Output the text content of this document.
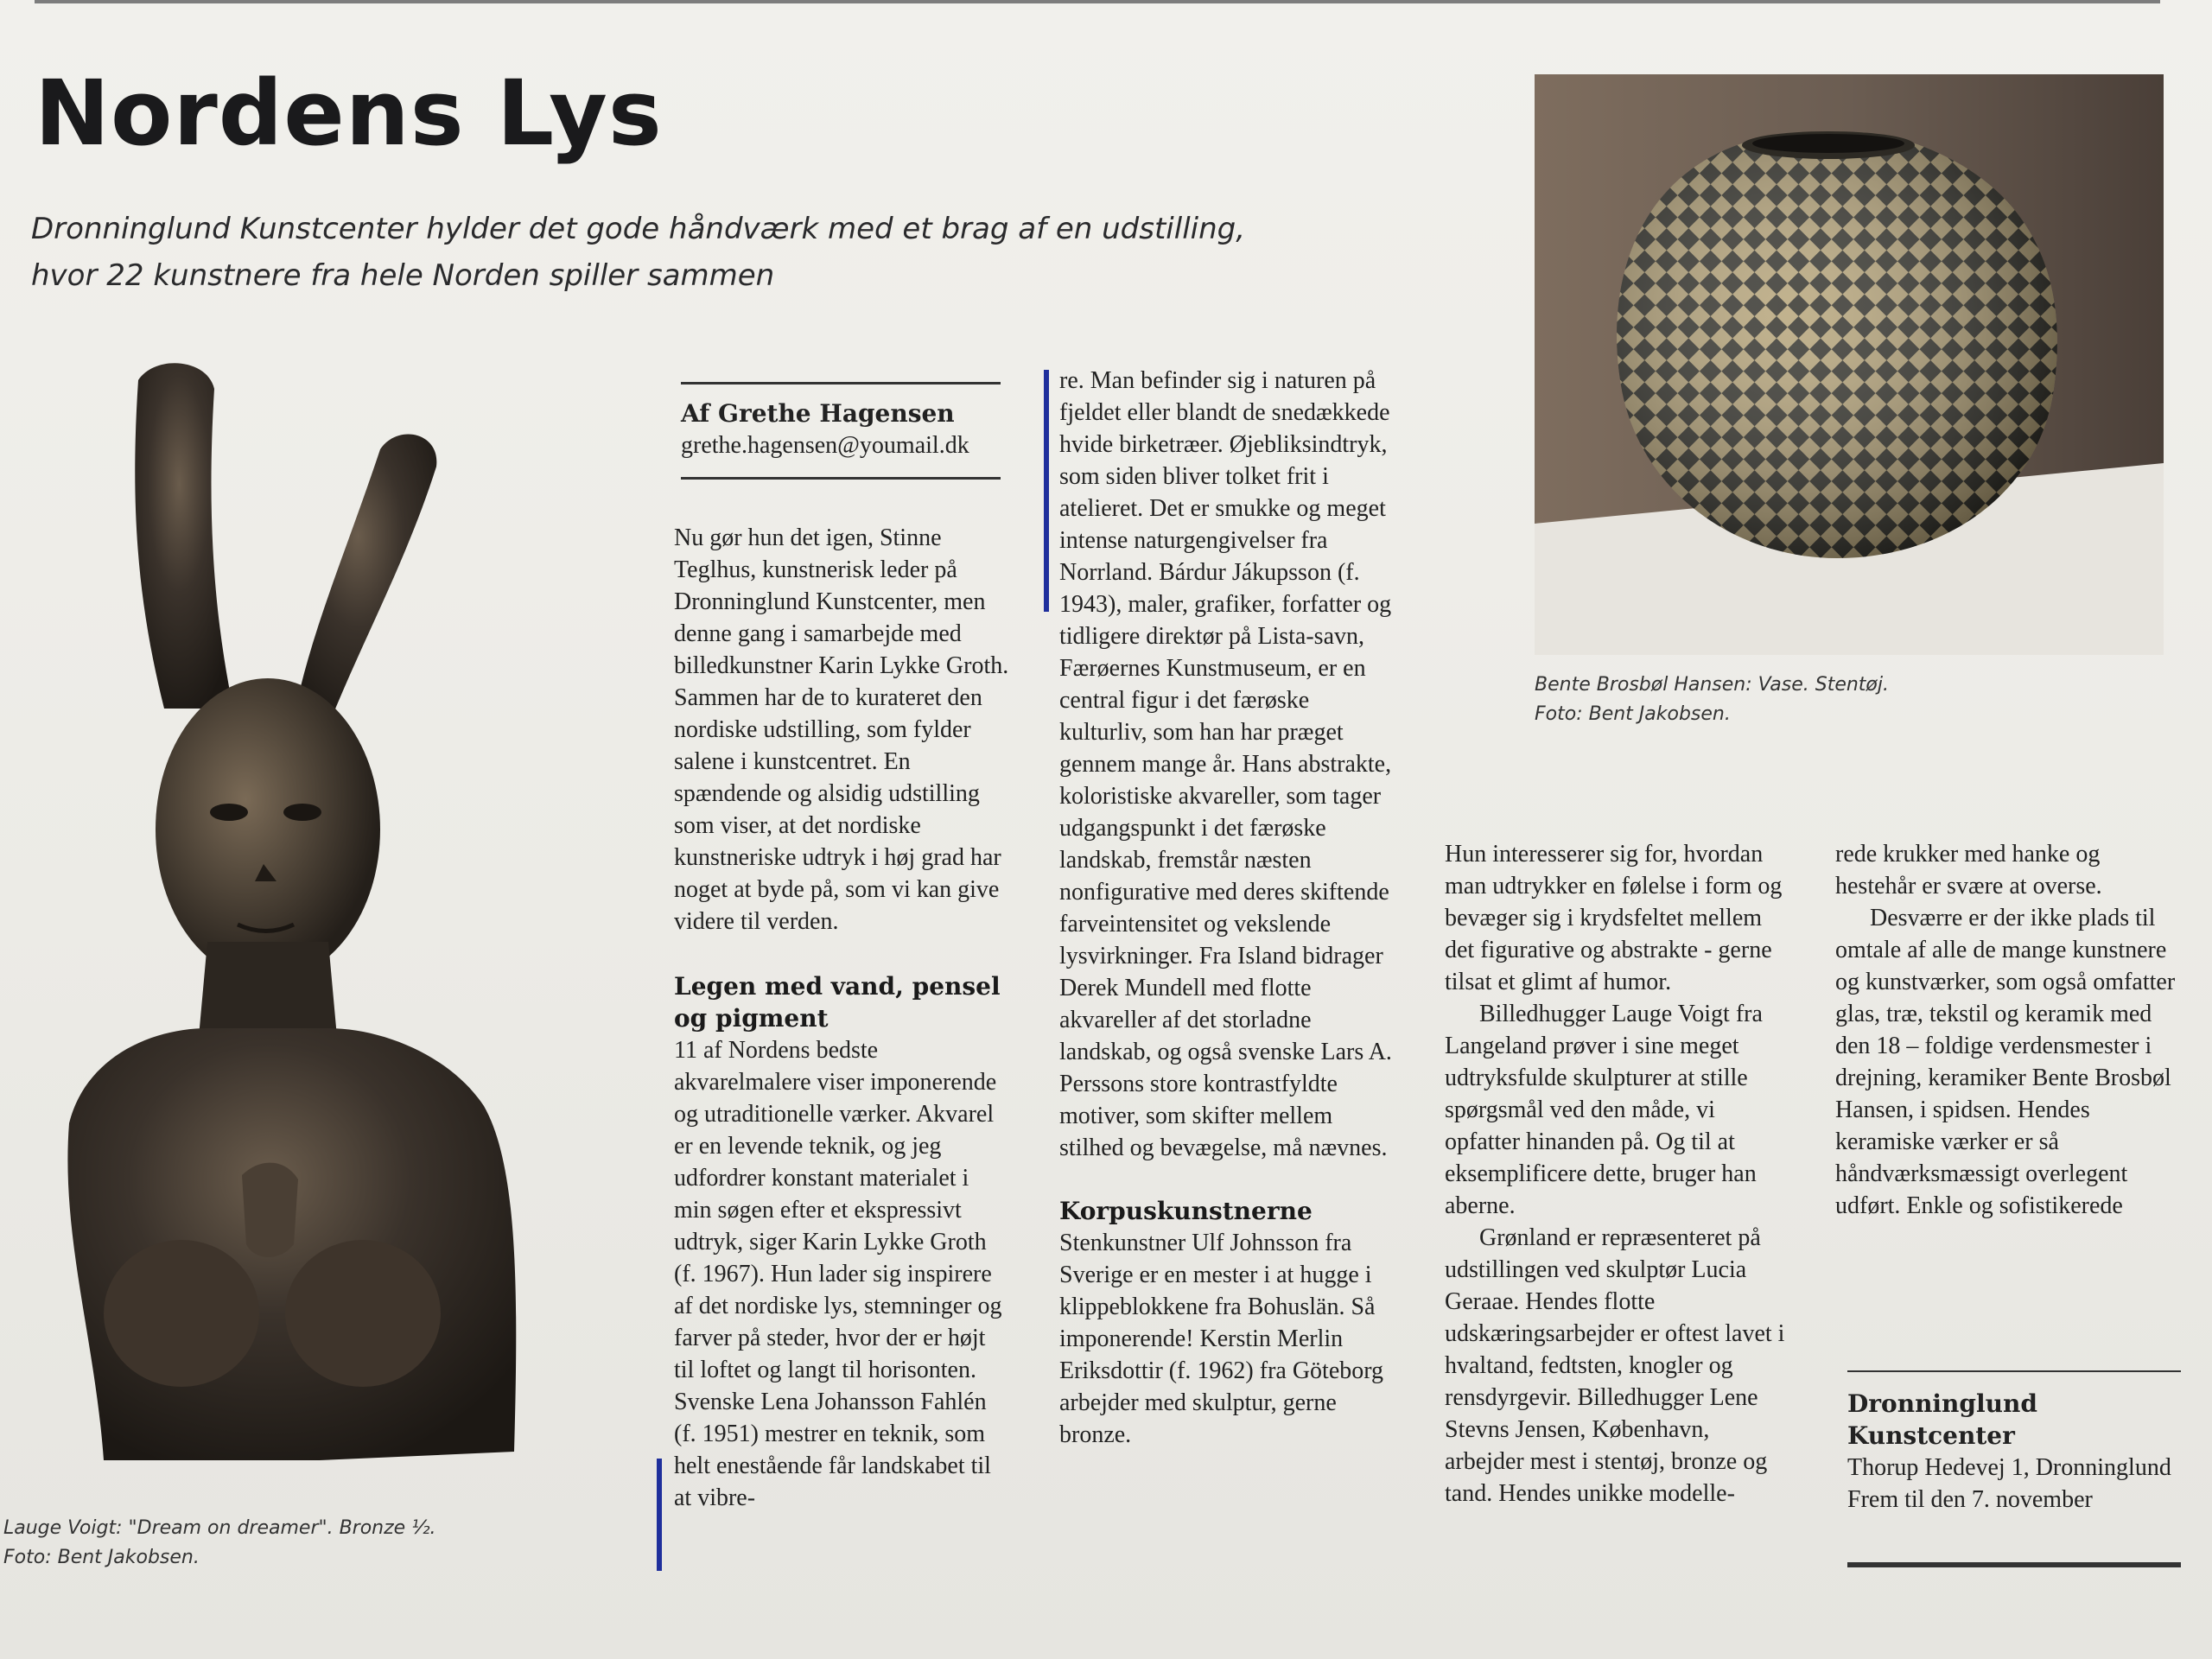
Nordens Lys

Dronninglund Kunstcenter hylder det gode håndværk med et brag af en udstilling, hvor 22 kunstnere fra hele Norden spiller sammen

Lauge Voigt: "Dream on dreamer". Bronze ½.
Foto: Bent Jakobsen.
Bente Brosbøl Hansen: Vase. Stentøj.
Foto: Bent Jakobsen.

Af Grethe Hagensen

grethe.hagensen@youmail.dk

Nu gør hun det igen, Stinne Teglhus, kunstnerisk leder på Dronninglund Kunstcenter, men denne gang i samarbejde med billedkunstner Karin Lykke Groth. Sammen har de to kurateret den nordiske udstilling, som fylder salene i kunstcentret. En spændende og alsidig udstilling som viser, at det nordiske kunstneriske udtryk i høj grad har noget at byde på, som vi kan give videre til verden.

Legen med vand, pensel og pigment

11 af Nordens bedste akvarelmalere viser imponerende og utraditionelle værker. Akvarel er en levende teknik, og jeg udfordrer konstant materialet i min søgen efter et ekspressivt udtryk, siger Karin Lykke Groth (f. 1967). Hun lader sig inspirere af det nordiske lys, stemninger og farver på steder, hvor der er højt til loftet og langt til horisonten. Svenske Lena Johansson Fahlén (f. 1951) mestrer en teknik, som helt enestående får landskabet til at vibre-

re. Man befinder sig i naturen på fjeldet eller blandt de snedækkede hvide birketræer. Øjebliksindtryk, som siden bliver tolket frit i atelieret. Det er smukke og meget intense naturgengivelser fra Norrland. Bárdur Jákupsson (f. 1943), maler, grafiker, forfatter og tidligere direktør på Lista-savn, Færøernes Kunstmuseum, er en central figur i det færøske kulturliv, som han har præget gennem mange år. Hans abstrakte, koloristiske akvareller, som tager udgangspunkt i det færøske landskab, fremstår næsten nonfigurative med deres skiftende farveintensitet og vekslende lysvirkninger. Fra Island bidrager Derek Mundell med flotte akvareller af det storladne landskab, og også svenske Lars A. Perssons store kontrastfyldte motiver, som skifter mellem stilhed og bevægelse, må nævnes.

Korpuskunstnerne

Stenkunstner Ulf Johnsson fra Sverige er en mester i at hugge i klippeblokkene fra Bohuslän. Så imponerende! Kerstin Merlin Eriksdottir (f. 1962) fra Göteborg arbejder med skulptur, gerne bronze.

Hun interesserer sig for, hvordan man udtrykker en følelse i form og bevæger sig i krydsfeltet mellem det figurative og abstrakte - gerne tilsat et glimt af humor.

Billedhugger Lauge Voigt fra Langeland prøver i sine meget udtryksfulde skulpturer at stille spørgsmål ved den måde, vi opfatter hinanden på. Og til at eksemplificere dette, bruger han aberne.

Grønland er repræsenteret på udstillingen ved skulptør Lucia Geraae. Hendes flotte udskæringsarbejder er oftest lavet i hvaltand, fedtsten, knogler og rensdyrgevir. Billedhugger Lene Stevns Jensen, København, arbejder mest i stentøj, bronze og tand. Hendes unikke modelle-

rede krukker med hanke og hestehår er svære at overse.

Desværre er der ikke plads til omtale af alle de mange kunstnere og kunstværker, som også omfatter glas, træ, tekstil og keramik med den 18 – foldige verdensmester i drejning, keramiker Bente Brosbøl Hansen, i spidsen. Hendes keramiske værker er så håndværksmæssigt overlegent udført. Enkle og sofistikerede

Dronninglund Kunstcenter

Thorup Hedevej 1, Dronninglund

Frem til den 7. november
